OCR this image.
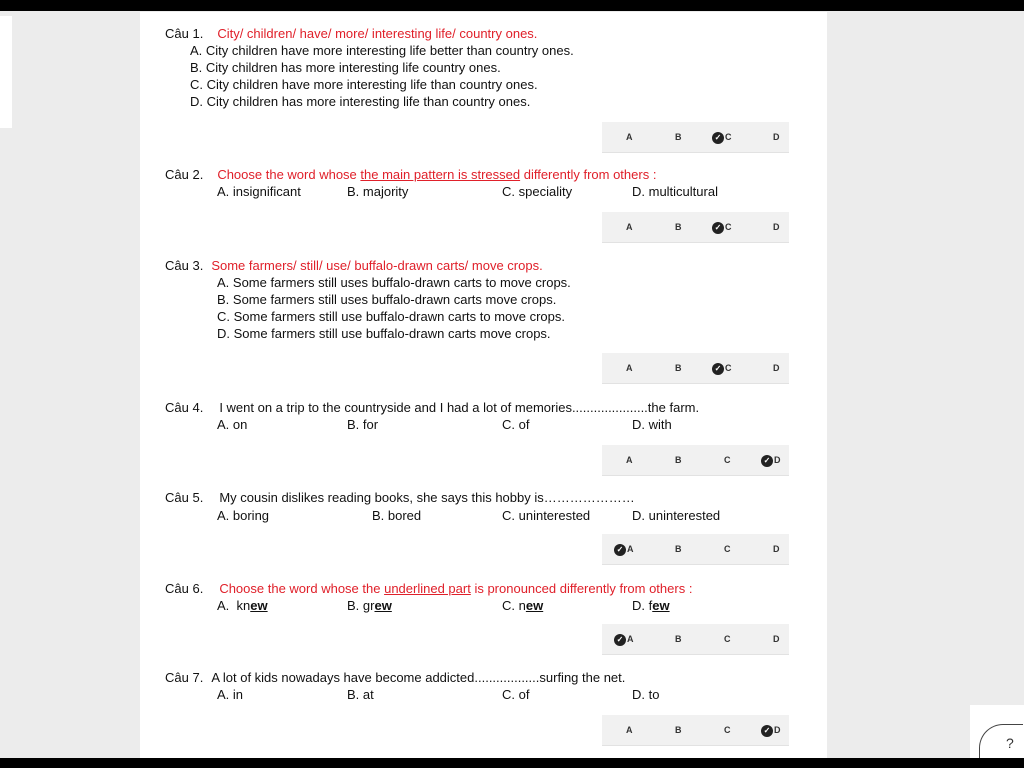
Câu 1. City/ children/ have/ more/ interesting life/ country ones.
A. City children have more interesting life better than country ones.
B. City children has more interesting life country ones.
C. City children have more interesting life than country ones.
D. City children has more interesting life than country ones.
A	B	✓ C	D
Câu 2. Choose the word whose the main pattern is stressed differently from others :
A. insignificant	B. majority	C. speciality	D. multicultural
A	B	✓ C	D
Câu 3. Some farmers/ still/ use/ buffalo-drawn carts/ move crops.
A. Some farmers still uses buffalo-drawn carts to move crops.
B. Some farmers still uses buffalo-drawn carts move crops.
C. Some farmers still use buffalo-drawn carts to move crops.
D. Some farmers still use buffalo-drawn carts move crops.
A	B	✓ C	D
Câu 4. I went on a trip to the countryside and I had a lot of memories.....................the farm.
A. on	B. for	C. of	D. with
A	B	C	✓ D
Câu 5. My cousin dislikes reading books, she says this hobby is…………………
A. boring	B. bored	C. uninterested	D. uninterested
✓ A	B	C	D
Câu 6. Choose the word whose the underlined part is pronounced differently from others :
A. knew	B. grew	C. new	D. few
✓ A	B	C	D
Câu 7. A lot of kids nowadays have become addicted..................surfing the net.
A. in	B. at	C. of	D. to
A	B	C	✓ D
?
